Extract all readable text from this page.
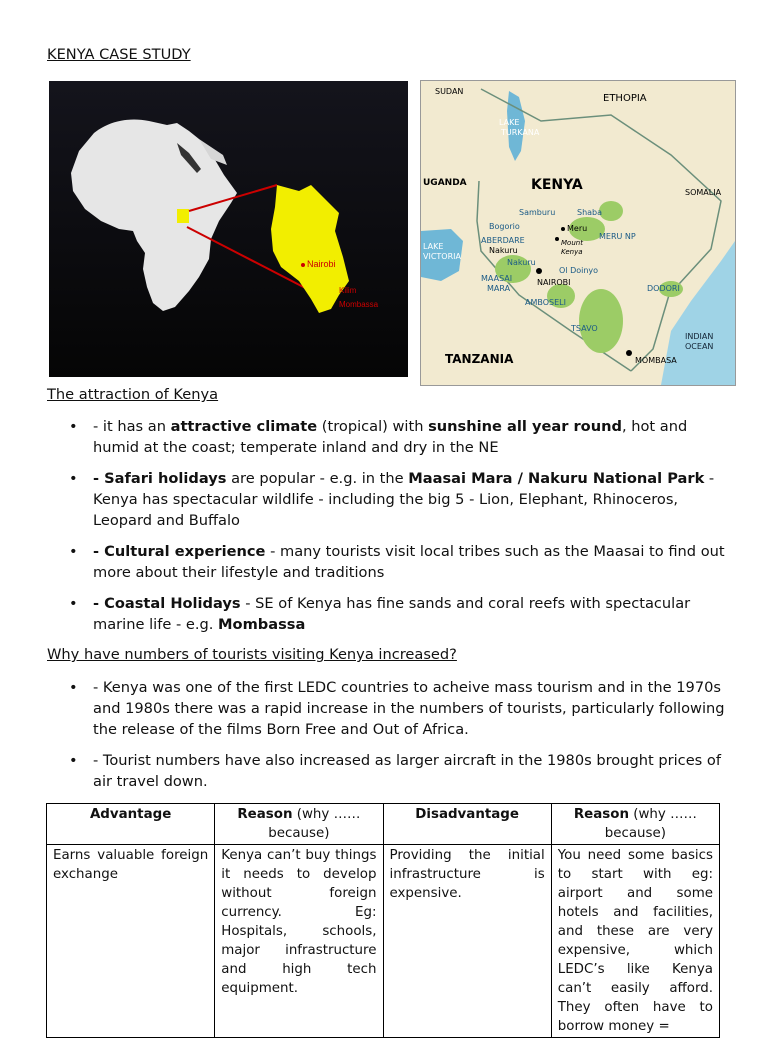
KENYA CASE STUDY
Nairobi
Kilim
Mombassa
SUDAN
ETHOPIA
KENYA	SOMALIA
UGANDA
TANZANIA
LAKE
TURKANA
LAKE
VICTORIA
INDIAN
OCEAN
Samburu	Shaba
Bogorio	Meru
MERU NP
ABERDARE	Mount
Kenya
Nakuru
Nakuru
NAIROBI
Ol Doinyo
MAASAI
MARA
AMBOSELI
DODORI
TSAVO
MOMBASA
The attraction of Kenya
• - it has an attractive climate (tropical) with sunshine all year round, hot and humid at the coast; temperate inland and dry in the NE
• - Safari holidays are popular - e.g. in the Maasai Mara / Nakuru National Park - Kenya has spectacular wildlife - including the big 5 - Lion, Elephant, Rhinoceros, Leopard and Buffalo
• - Cultural experience - many tourists visit local tribes such as the Maasai to find out more about their lifestyle and traditions
• - Coastal Holidays - SE of Kenya has fine sands and coral reefs with spectacular marine life - e.g. Mombassa
Why have numbers of tourists visiting Kenya increased?
• - Kenya was one of the first LEDC countries to acheive mass tourism and in the 1970s and 1980s there was a rapid increase in the numbers of tourists, particularly following the release of the films Born Free and Out of Africa.
• - Tourist numbers have also increased as larger aircraft in the 1980s brought prices of air travel down.
Advantage	Reason (why …… because)	Disadvantage	Reason (why …… because)
Earns valuable foreign exchange	Kenya can’t buy things it needs to develop without foreign currency. Eg: Hospitals, schools, major infrastructure and high tech equipment.	Providing the initial infrastructure is expensive.	You need some basics to start with eg: airport and some hotels and facilities, and these are very expensive, which LEDC’s like Kenya can’t easily afford. They often have to borrow money =
